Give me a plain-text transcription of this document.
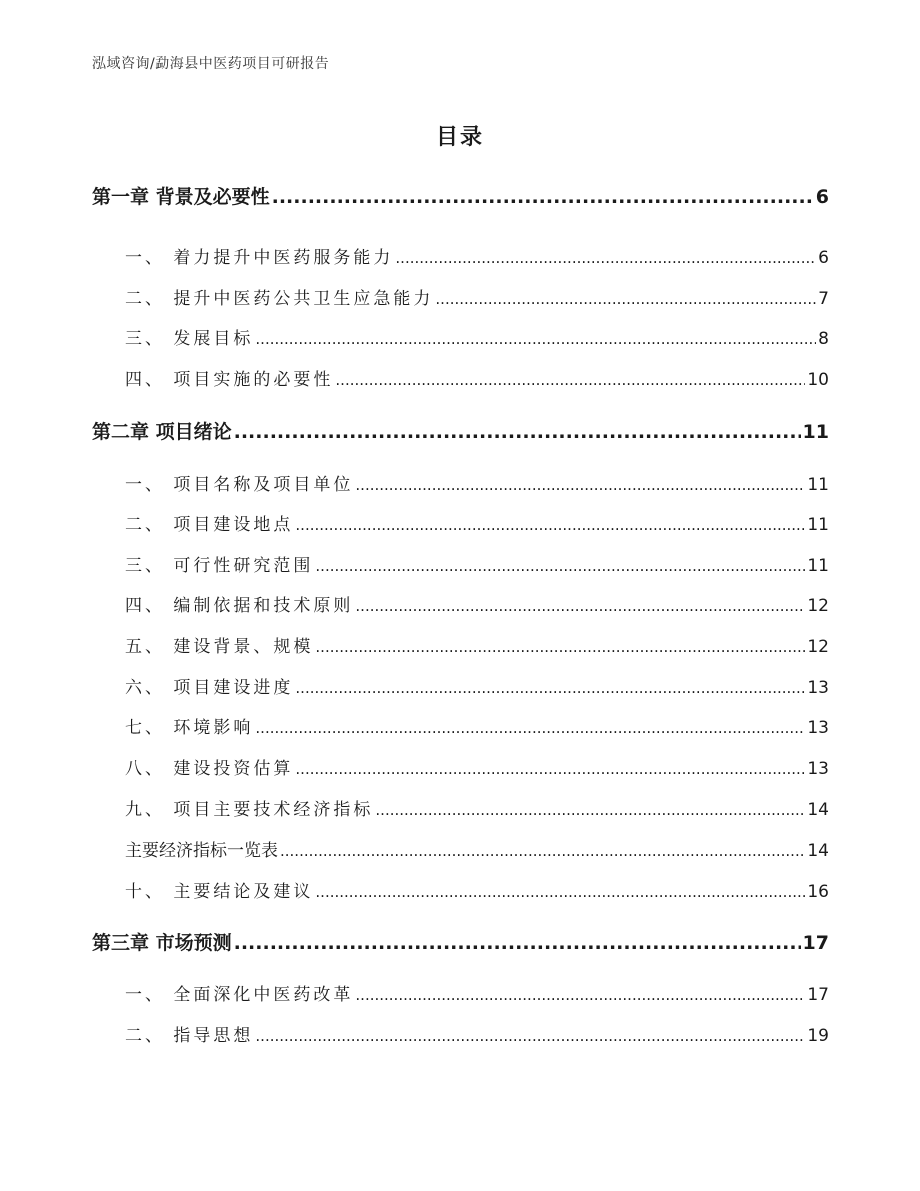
泓域咨询/勐海县中医药项目可研报告
目录
第一章 背景及必要性 .....	6
一、 着力提升中医药服务能力 .....	6
二、 提升中医药公共卫生应急能力 .....	7
三、 发展目标 .....	8
四、 项目实施的必要性 .....	10
第二章 项目绪论 .....	11
一、 项目名称及项目单位 .....	11
二、 项目建设地点 .....	11
三、 可行性研究范围 .....	11
四、 编制依据和技术原则 .....	12
五、 建设背景、规模 .....	12
六、 项目建设进度 .....	13
七、 环境影响 .....	13
八、 建设投资估算 .....	13
九、 项目主要技术经济指标 .....	14
主要经济指标一览表 .....	14
十、 主要结论及建议 .....	16
第三章 市场预测 .....	17
一、 全面深化中医药改革 .....	17
二、 指导思想 .....	19
